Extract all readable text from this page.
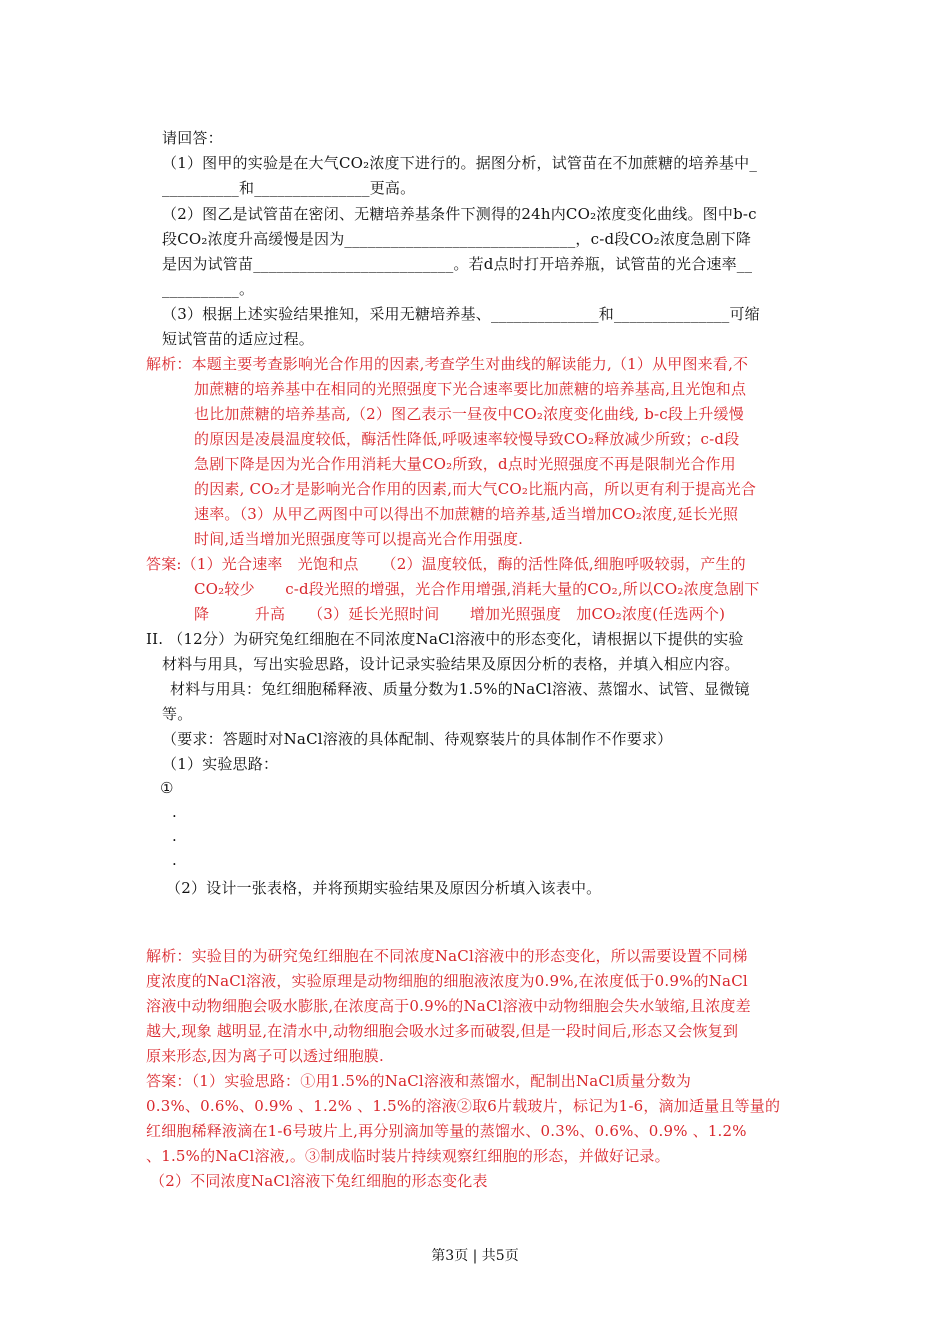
请回答：
（1）图甲的实验是在大气CO₂浓度下进行的。据图分析，试管苗在不加蔗糖的培养基中_
__________和_______________更高。
（2）图乙是试管苗在密闭、无糖培养基条件下测得的24h内CO₂浓度变化曲线。图中b-c
段CO₂浓度升高缓慢是因为______________________________，c-d段CO₂浓度急剧下降
是因为试管苗__________________________。若d点时打开培养瓶，试管苗的光合速率__
__________。
（3）根据上述实验结果推知，采用无糖培养基、______________和_______________可缩
短试管苗的适应过程。
解析：本题主要考查影响光合作用的因素,考查学生对曲线的解读能力,（1）从甲图来看,不
加蔗糖的培养基中在相同的光照强度下光合速率要比加蔗糖的培养基高,且光饱和点
也比加蔗糖的培养基高,（2）图乙表示一昼夜中CO₂浓度变化曲线, b-c段上升缓慢
的原因是凌晨温度较低，酶活性降低,呼吸速率较慢导致CO₂释放减少所致；c-d段
急剧下降是因为光合作用消耗大量CO₂所致，d点时光照强度不再是限制光合作用
的因素, CO₂才是影响光合作用的因素,而大气CO₂比瓶内高，所以更有利于提高光合
速率。（3）从甲乙两图中可以得出不加蔗糖的培养基,适当增加CO₂浓度,延长光照
时间,适当增加光照强度等可以提高光合作用强度.
答案:（1）光合速率　光饱和点　　（2）温度较低，酶的活性降低,细胞呼吸较弱，产生的
CO₂较少　　c-d段光照的增强，光合作用增强,消耗大量的CO₂,所以CO₂浓度急剧下
降　　　升高　　（3）延长光照时间　　增加光照强度　加CO₂浓度(任选两个)
II. （12分）为研究兔红细胞在不同浓度NaCl溶液中的形态变化，请根据以下提供的实验
材料与用具，写出实验思路，设计记录实验结果及原因分析的表格，并填入相应内容。
材料与用具：兔红细胞稀释液、质量分数为1.5%的NaCl溶液、蒸馏水、试管、显微镜
等。
（要求：答题时对NaCl溶液的具体配制、待观察装片的具体制作不作要求）
（1）实验思路：
①
.
.
.
（2）设计一张表格，并将预期实验结果及原因分析填入该表中。
解析：实验目的为研究兔红细胞在不同浓度NaCl溶液中的形态变化，所以需要设置不同梯
度浓度的NaCl溶液，实验原理是动物细胞的细胞液浓度为0.9%,在浓度低于0.9%的NaCl
溶液中动物细胞会吸水膨胀,在浓度高于0.9%的NaCl溶液中动物细胞会失水皱缩,且浓度差
越大,现象 越明显,在清水中,动物细胞会吸水过多而破裂,但是一段时间后,形态又会恢复到
原来形态,因为离子可以透过细胞膜.
答案：（1）实验思路：①用1.5%的NaCl溶液和蒸馏水，配制出NaCl质量分数为
0.3%、0.6%、0.9% 、1.2% 、1.5%的溶液②取6片载玻片，标记为1-6，滴加适量且等量的
红细胞稀释液滴在1-6号玻片上,再分别滴加等量的蒸馏水、0.3%、0.6%、0.9% 、1.2%
、1.5%的NaCl溶液,。③制成临时装片持续观察红细胞的形态，并做好记录。
（2）不同浓度NaCl溶液下兔红细胞的形态变化表
第3页 | 共5页
